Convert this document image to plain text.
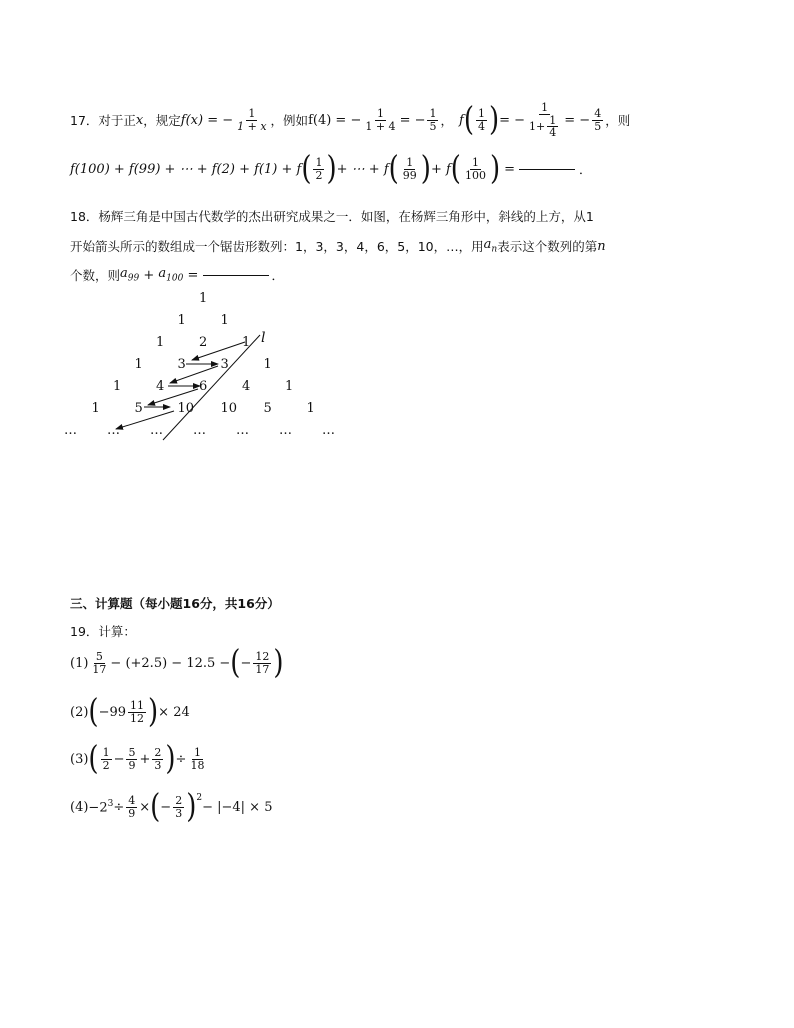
17． 对于正 x ，规定 f(x) = − $\frac{1}{1 + x}$ ，例如 f(4) = − $\frac{1}{1 + 4}$ = − $\frac{1}{5}$ ， f ( $\frac{1}{4}$ ) = − $\frac{1}{1+ \frac{1}{4}}$ = − $\frac{4}{5}$ ，则
f(100) + f(99) + ⋯ + f(2) + f(1) + f ( $\frac{1}{2}$ ) + ⋯ + f ( $\frac{1}{99}$ ) + f ( $\frac{1}{100}$ ) =	．
18．杨辉三角是中国古代数学的杰出研究成果之一．如图，在杨辉三角形中，斜线的上方，从1
开始箭头所示的数组成一个锯齿形数列：1，3，3，4，6，5，10，…，用 $a_n$ 表示这个数列的第 n
个数，则 $a_{99} + a_{100}$ =	．
1
1	1
1	2	1
1	3	3	1
1	4	6	4	1
1	5	10 10 5	1
… … … … … … …
l
三、计算题（每小题16分，共16分）
19．计算：
$(1) \frac{5}{17} - (+2.5) - 12.5$ − ( − $\frac{12}{17}$ )
(2) ( $-99 \frac{11}{12}$ ) × 24
(3) ( $\frac{1}{2} - \frac{5}{9} + \frac{2}{3}$ ) ÷ $\frac{1}{18}$
$(4) -2^3 \div \frac{4}{9}$ × ( − $\frac{2}{3} )^2$
− |−4| × 5
